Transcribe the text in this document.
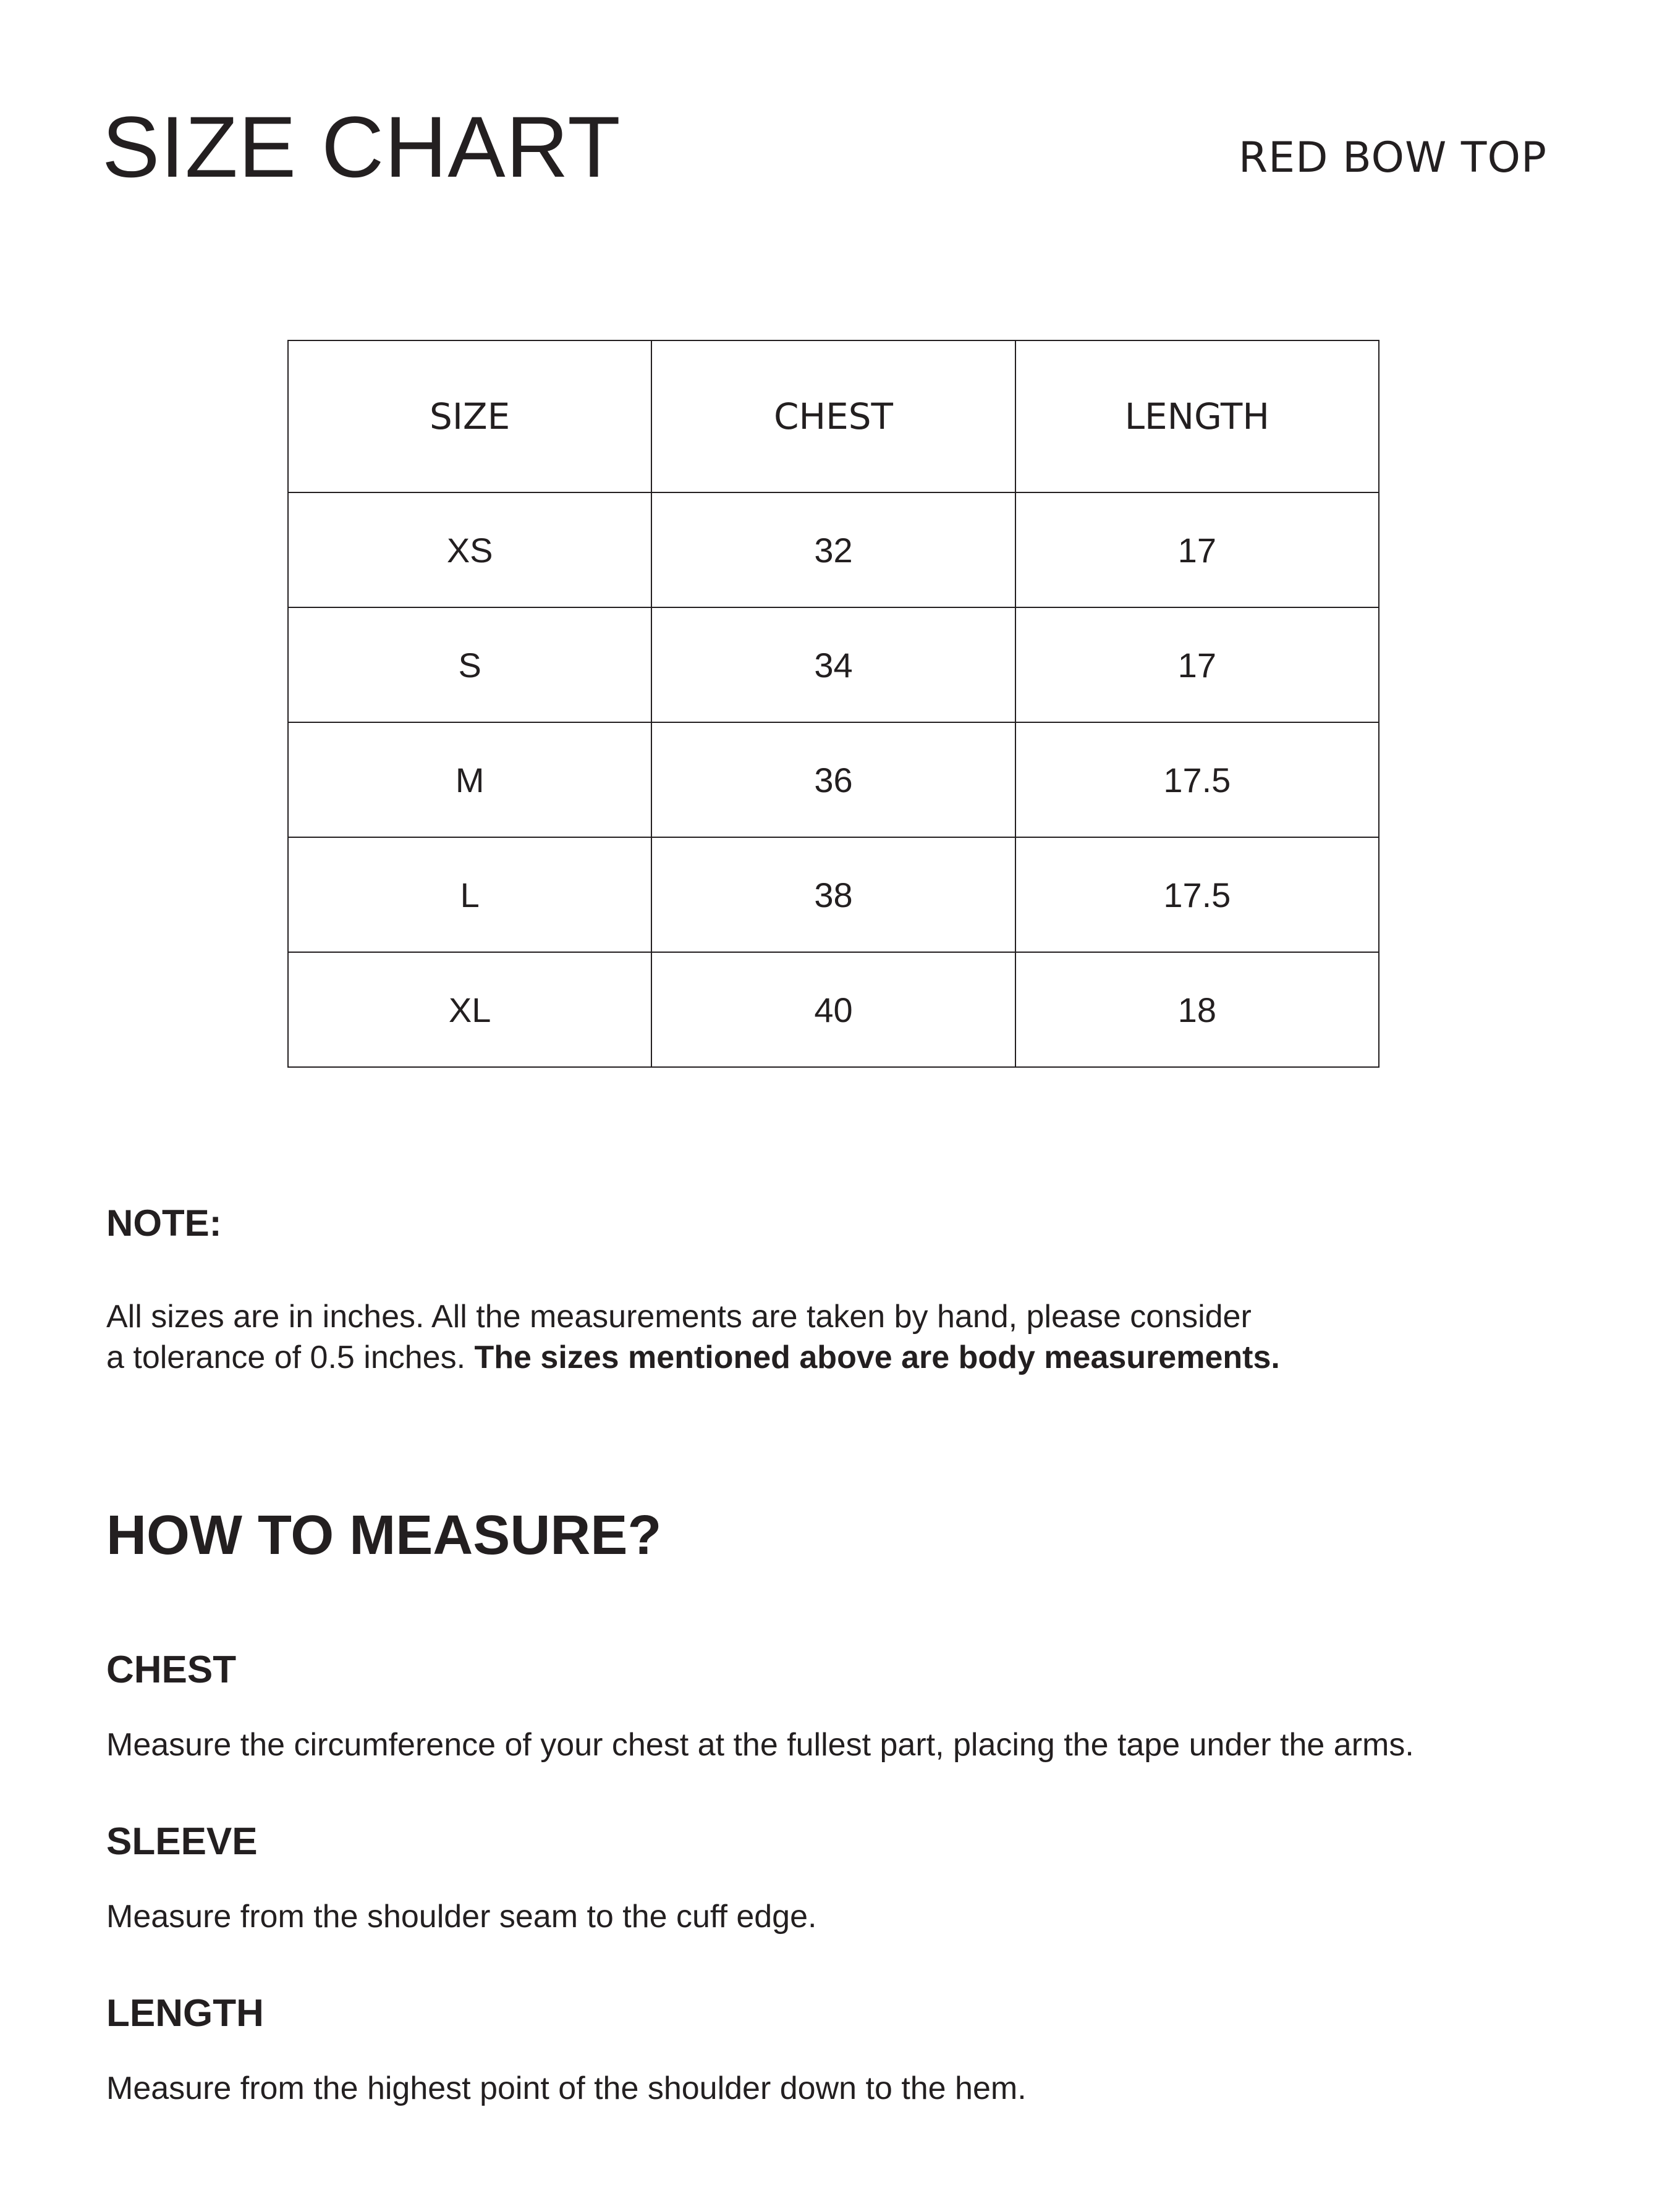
SIZE CHART	RED BOW TOP
SIZE	CHEST	LENGTH
XS	32	17
S	34	17
M	36	17.5
L	38	17.5
XL	40	18
NOTE:

All sizes are in inches. All the measurements are taken by hand, please consider
a tolerance of 0.5 inches. The sizes mentioned above are body measurements.

HOW TO MEASURE?
CHEST

Measure the circumference of your chest at the fullest part, placing the tape under the arms.

SLEEVE

Measure from the shoulder seam to the cuff edge.

LENGTH

Measure from the highest point of the shoulder down to the hem.
